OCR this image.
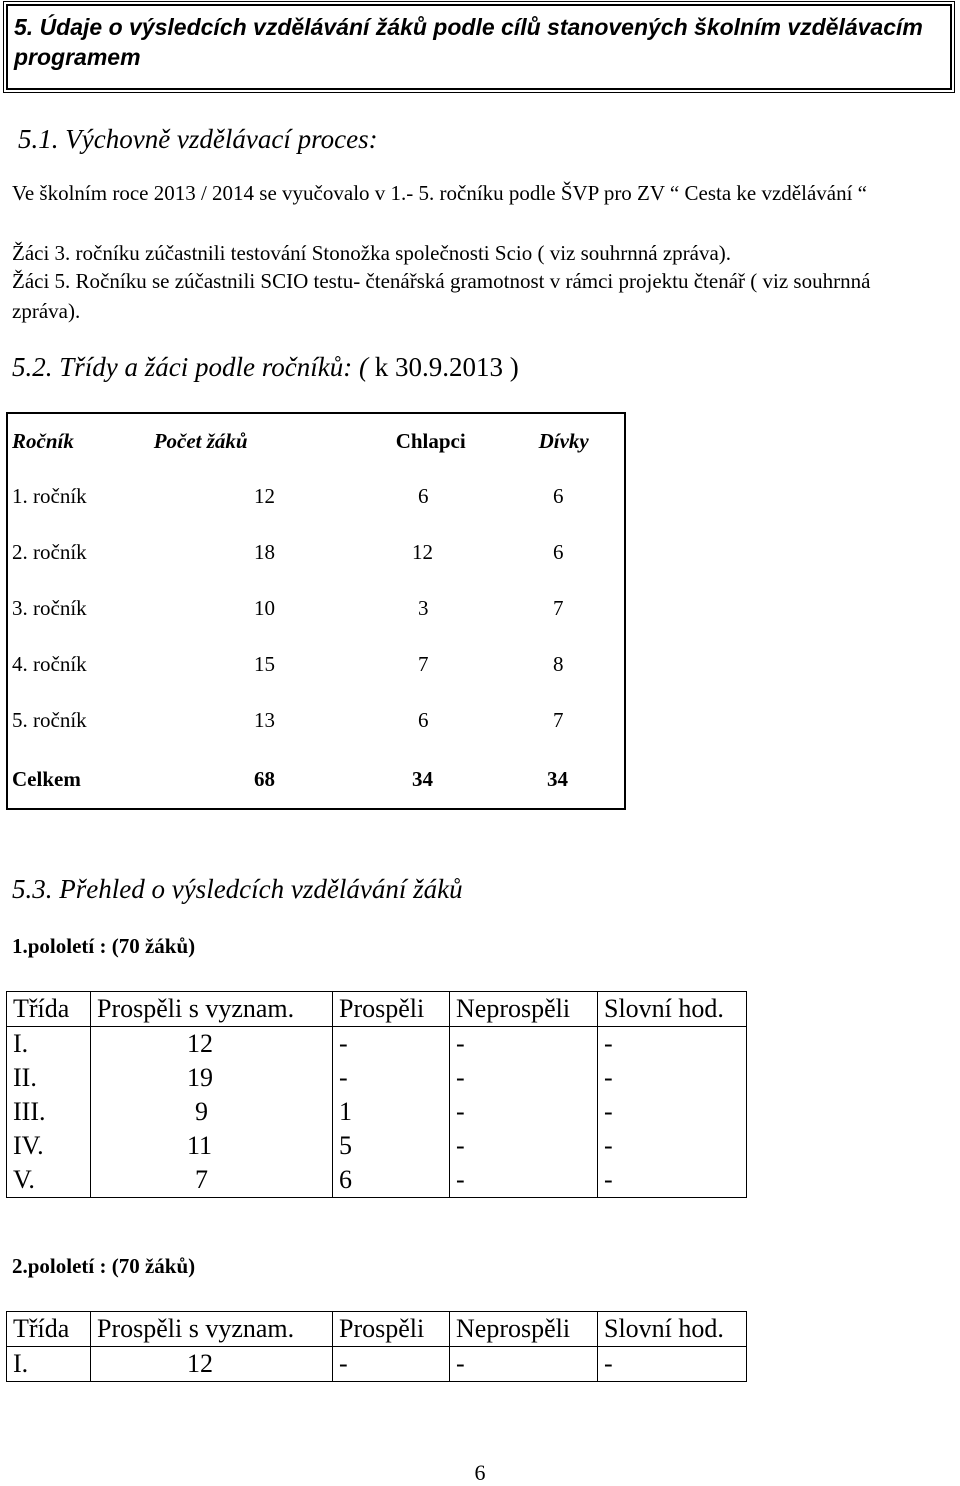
5. Údaje o výsledcích vzdělávání žáků podle cílů stanovených školním vzdělávacím programem
5.1. Výchovně vzdělávací proces:
Ve školním roce 2013 / 2014 se vyučovalo v 1.- 5. ročníku podle ŠVP pro ZV “ Cesta ke vzdělávání “
Žáci 3. ročníku zúčastnili testování Stonožka společnosti Scio ( viz souhrnná zpráva).
Žáci 5. Ročníku se zúčastnili SCIO testu- čtenářská gramotnost v rámci projektu čtenář ( viz souhrnná zpráva).
5.2. Třídy a žáci podle ročníků: ( k 30.9.2013 )
Ročník	Počet žáků	Chlapci	Dívky

1. ročník	12	6	6
2. ročník	18	12	6
3. ročník	10	3	7
4. ročník	15	7	8
5. ročník	13	6	7
Celkem	68	34	34
5.3. Přehled o výsledcích vzdělávání žáků
1.pololetí : (70 žáků)
Třída	Prospěli s vyznam.	Prospěli	Neprospěli	Slovní hod.
I.	12	-	-	-
II.	19	-	-	-
III.	9	1	-	-
IV.	11	5	-	-
V.	7	6	-	-
2.pololetí : (70 žáků)
Třída	Prospěli s vyznam.	Prospěli	Neprospěli	Slovní hod.
I.	12	-	-	-
6
